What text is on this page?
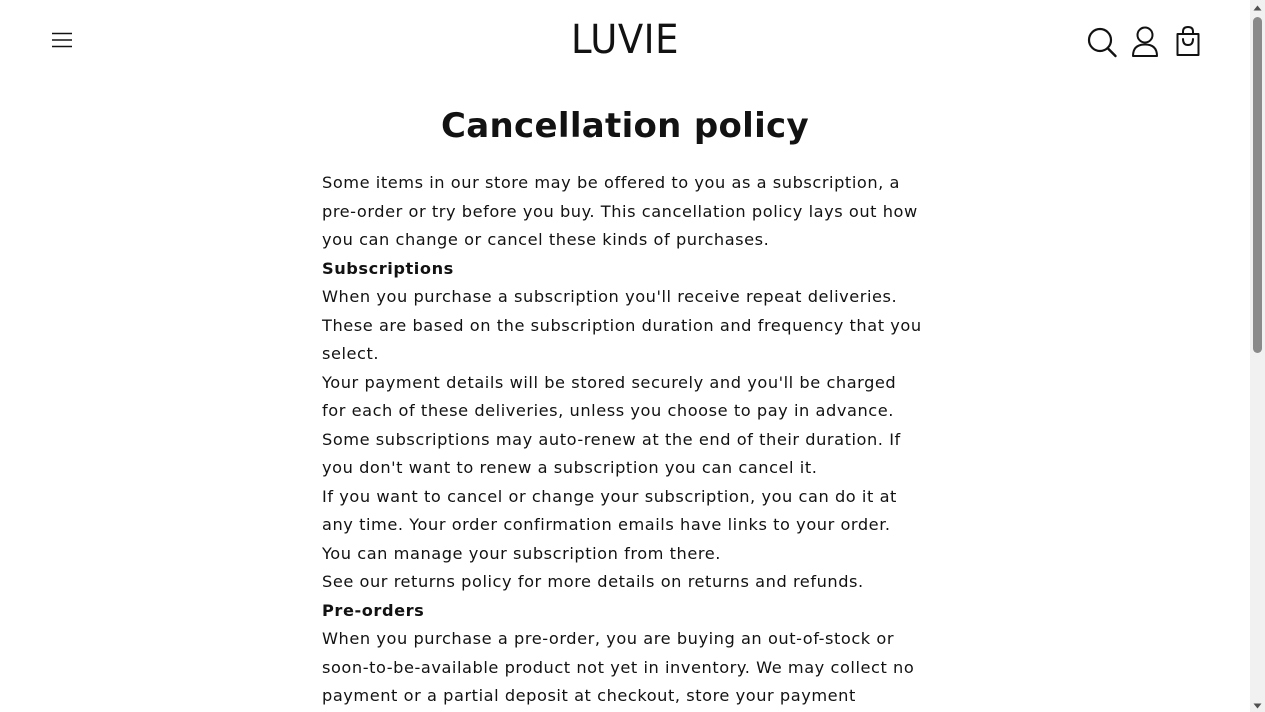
LUVIE
Cancellation policy

Some items in our store may be offered to you as a subscription, a pre-order or try before you buy. This cancellation policy lays out how you can change or cancel these kinds of purchases.

Subscriptions

When you purchase a subscription you'll receive repeat deliveries. These are based on the subscription duration and frequency that you select.

Your payment details will be stored securely and you'll be charged for each of these deliveries, unless you choose to pay in advance.

Some subscriptions may auto-renew at the end of their duration. If you don't want to renew a subscription you can cancel it.

If you want to cancel or change your subscription, you can do it at any time. Your order confirmation emails have links to your order. You can manage your subscription from there.

See our returns policy for more details on returns and refunds.

Pre-orders

When you purchase a pre-order, you are buying an out-of-stock or soon-to-be-available product not yet in inventory. We may collect no payment or a partial deposit at checkout, store your payment
